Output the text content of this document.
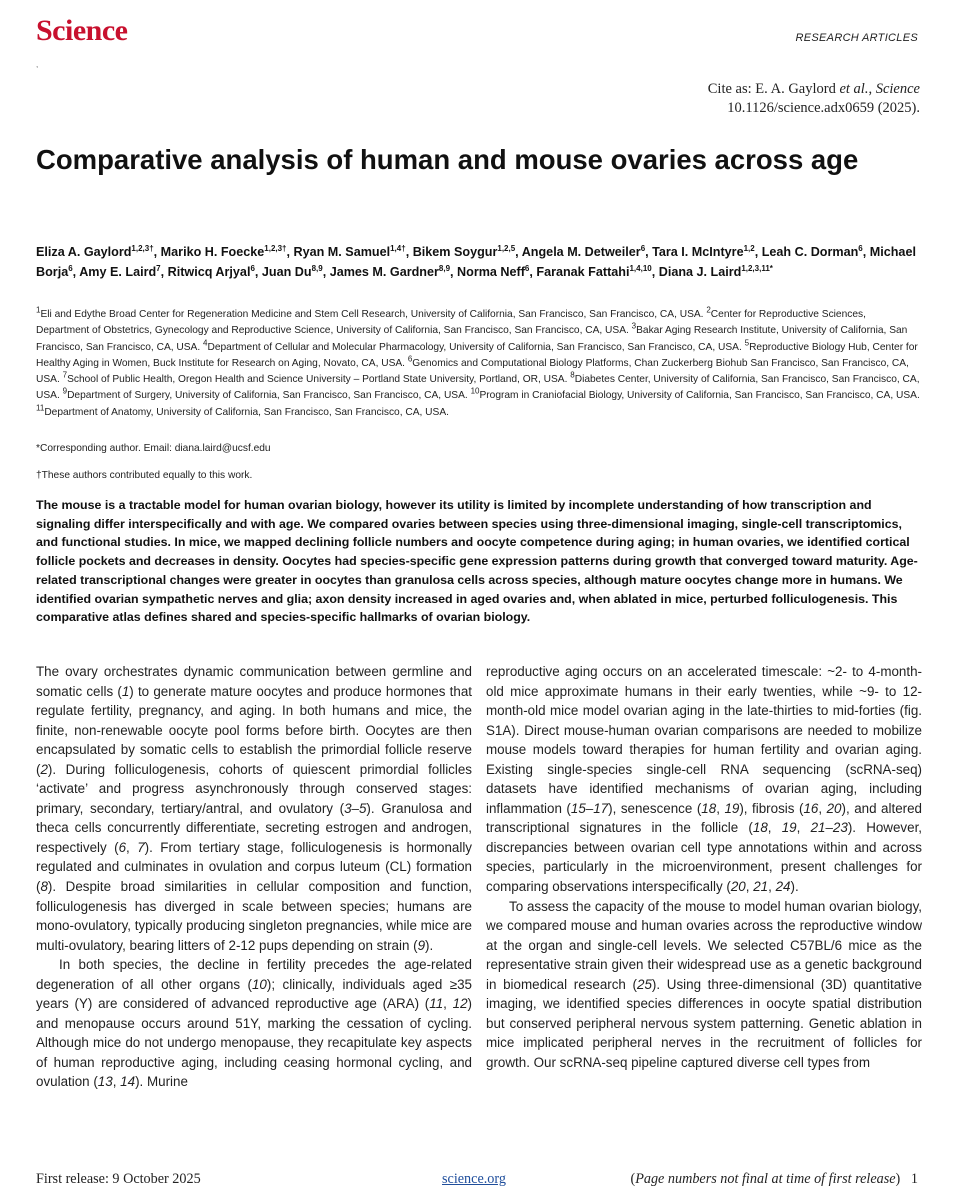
Science
,
RESEARCH ARTICLES
Cite as: E. A. Gaylord et al., Science
10.1126/science.adx0659 (2025).
Comparative analysis of human and mouse ovaries across age
Eliza A. Gaylord$^{1,2,3\dagger}$, Mariko H. Foecke$^{1,2,3\dagger}$, Ryan M. Samuel$^{1,4\dagger}$, Bikem Soygur$^{1,2,5}$, Angela M. Detweiler$^6$, Tara I. McIntyre$^{1,2}$, Leah C. Dorman$^6$, Michael Borja$^6$, Amy E. Laird$^7$, Ritwicq Arjyal$^6$, Juan Du$^{8,9}$, James M. Gardner$^{8,9}$, Norma Neff$^6$, Faranak Fattahi$^{1,4,10}$, Diana J. Laird$^{1,2,3,11*}$

$^1$Eli and Edythe Broad Center for Regeneration Medicine and Stem Cell Research, University of California, San Francisco, San Francisco, CA, USA. $^2$Center for Reproductive Sciences, Department of Obstetrics, Gynecology and Reproductive Science, University of California, San Francisco, San Francisco, CA, USA. $^3$Bakar Aging Research Institute, University of California, San Francisco, San Francisco, CA, USA. $^4$Department of Cellular and Molecular Pharmacology, University of California, San Francisco, San Francisco, CA, USA. $^5$Reproductive Biology Hub, Center for Healthy Aging in Women, Buck Institute for Research on Aging, Novato, CA, USA. $^6$Genomics and Computational Biology Platforms, Chan Zuckerberg Biohub San Francisco, San Francisco, CA, USA. $^7$School of Public Health, Oregon Health and Science University – Portland State University, Portland, OR, USA. $^8$Diabetes Center, University of California, San Francisco, San Francisco, CA, USA. $^9$Department of Surgery, University of California, San Francisco, San Francisco, CA, USA. $^{10}$Program in Craniofacial Biology, University of California, San Francisco, San Francisco, CA, USA. $^{11}$Department of Anatomy, University of California, San Francisco, San Francisco, CA, USA.

*Corresponding author. Email: diana.laird@ucsf.edu

†These authors contributed equally to this work.

The mouse is a tractable model for human ovarian biology, however its utility is limited by incomplete understanding of how transcription and signaling differ interspecifically and with age. We compared ovaries between species using three-dimensional imaging, single-cell transcriptomics, and functional studies. In mice, we mapped declining follicle numbers and oocyte competence during aging; in human ovaries, we identified cortical follicle pockets and decreases in density. Oocytes had species-specific gene expression patterns during growth that converged toward maturity. Age-related transcriptional changes were greater in oocytes than granulosa cells across species, although mature oocytes change more in humans. We identified ovarian sympathetic nerves and glia; axon density increased in aged ovaries and, when ablated in mice, perturbed folliculogenesis. This comparative atlas defines shared and species-specific hallmarks of ovarian biology.

The ovary orchestrates dynamic communication between germline and somatic cells (1) to generate mature oocytes and produce hormones that regulate fertility, pregnancy, and aging. In both humans and mice, the finite, non-renewable oocyte pool forms before birth. Oocytes are then encapsulated by somatic cells to establish the primordial follicle reserve (2). During folliculogenesis, cohorts of quiescent primordial follicles ‘activate’ and progress asynchronously through conserved stages: primary, secondary, tertiary/antral, and ovulatory (3–5). Granulosa and theca cells concurrently differentiate, secreting estrogen and androgen, respectively (6, 7). From tertiary stage, folliculogenesis is hormonally regulated and culminates in ovulation and corpus luteum (CL) formation (8). Despite broad similarities in cellular composition and function, folliculogenesis has diverged in scale between species; humans are mono-ovulatory, typically producing singleton pregnancies, while mice are multi-ovulatory, bearing litters of 2-12 pups depending on strain (9).

In both species, the decline in fertility precedes the age-related degeneration of all other organs (10); clinically, individuals aged ≥35 years (Y) are considered of advanced reproductive age (ARA) (11, 12) and menopause occurs around 51Y, marking the cessation of cycling. Although mice do not undergo menopause, they recapitulate key aspects of human reproductive aging, including ceasing hormonal cycling, and ovulation (13, 14). Murine

reproductive aging occurs on an accelerated timescale: ~2- to 4-month-old mice approximate humans in their early twenties, while ~9- to 12-month-old mice model ovarian aging in the late-thirties to mid-forties (fig. S1A). Direct mouse-human ovarian comparisons are needed to mobilize mouse models toward therapies for human fertility and ovarian aging. Existing single-species single-cell RNA sequencing (scRNA-seq) datasets have identified mechanisms of ovarian aging, including inflammation (15–17), senescence (18, 19), fibrosis (16, 20), and altered transcriptional signatures in the follicle (18, 19, 21–23). However, discrepancies between ovarian cell type annotations within and across species, particularly in the microenvironment, present challenges for comparing observations interspecifically (20, 21, 24).

To assess the capacity of the mouse to model human ovarian biology, we compared mouse and human ovaries across the reproductive window at the organ and single-cell levels. We selected C57BL/6 mice as the representative strain given their widespread use as a genetic background in biomedical research (25). Using three-dimensional (3D) quantitative imaging, we identified species differences in oocyte spatial distribution but conserved peripheral nervous system patterning. Genetic ablation in mice implicated peripheral nerves in the recruitment of follicles for growth. Our scRNA-seq pipeline captured diverse cell types from

First release: 9 October 2025	science.org	(Page numbers not final at time of first release) 1
